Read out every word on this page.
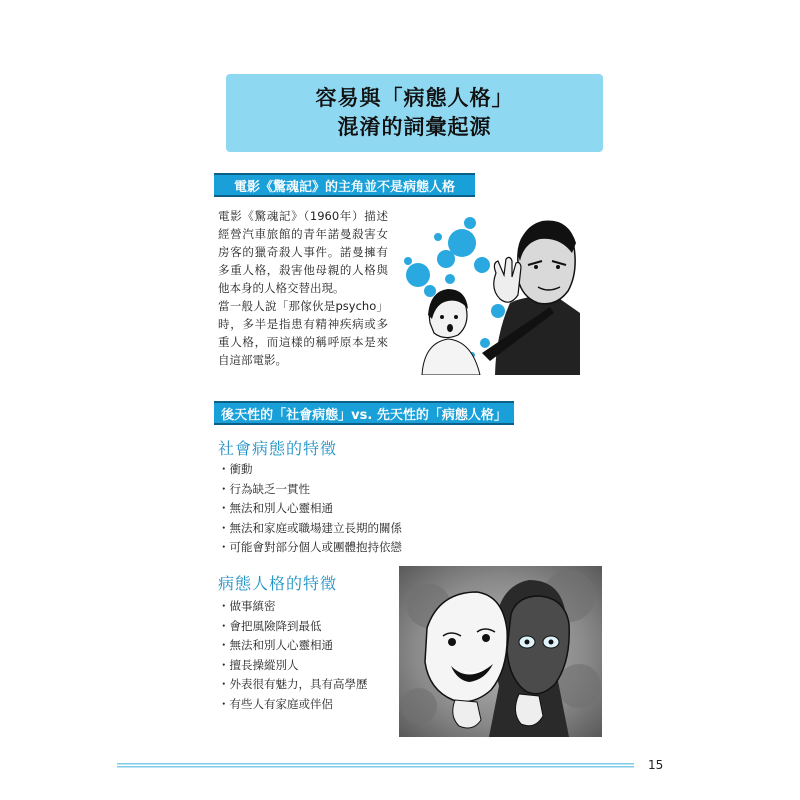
容易與「病態人格」
混淆的詞彙起源
電影《驚魂記》的主角並不是病態人格

電影《驚魂記》（1960年）描述經營汽車旅館的青年諾曼殺害女房客的獵奇殺人事件。諾曼擁有多重人格，殺害他母親的人格與他本身的人格交替出現。

當一般人說「那傢伙是psycho」時，多半是指患有精神疾病或多重人格，而這樣的稱呼原本是來自這部電影。

後天性的「社會病態」vs. 先天性的「病態人格」
社會病態的特徵
・ 衝動
・ 行為缺乏一貫性
・ 無法和別人心靈相通
・ 無法和家庭或職場建立長期的關係
・ 可能會對部分個人或團體抱持依戀
病態人格的特徵
・ 做事縝密
・ 會把風險降到最低
・ 無法和別人心靈相通
・ 擅長操縱別人
・ 外表很有魅力，具有高學歷
・ 有些人有家庭或伴侶
15
